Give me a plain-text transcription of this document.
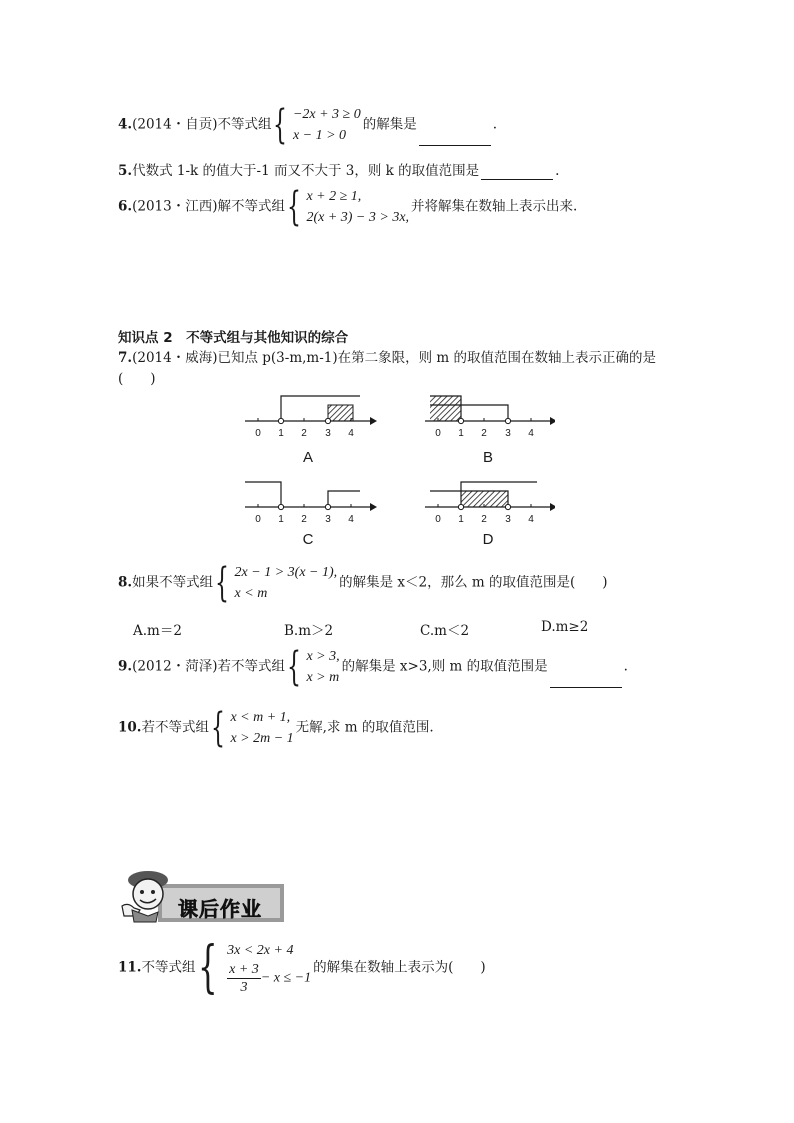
4.(2014・自贡)不等式组 { −2x + 3 ≥ 0
x − 1 > 0
的解集是	.
5.代数式 1-k 的值大于-1 而又不大于 3，则 k 的取值范围是	.
6.(2013・江西)解不等式组 { x + 2 ≥ 1,
2(x + 3) − 3 > 3x,
并将解集在数轴上表示出来.
知识点 2　不等式组与其他知识的综合
7.(2014・威海)已知点 p(3-m,m-1)在第二象限，则 m 的取值范围在数轴上表示正确的是
(　　)
0 1 2 3 4
A
0 1 2 3 4
B
0 1 2 3 4
C
0 1 2 3 4
D
8.如果不等式组 { 2x − 1 > 3(x − 1),
x < m
的解集是 x＜2，那么 m 的取值范围是(　　)
A.m＝2	B.m＞2	C.m＜2	D.m≥2
9.(2012・菏泽)若不等式组 { x > 3,
x > m
的解集是 x>3,则 m 的取值范围是	.
10.若不等式组 { x < m + 1,
x > 2m − 1
无解,求 m 的取值范围.
课后作业
11.不等式组 { 3x < 2x + 4
$\frac{x + 3}{3} - x \le -1$
的解集在数轴上表示为(　　)
